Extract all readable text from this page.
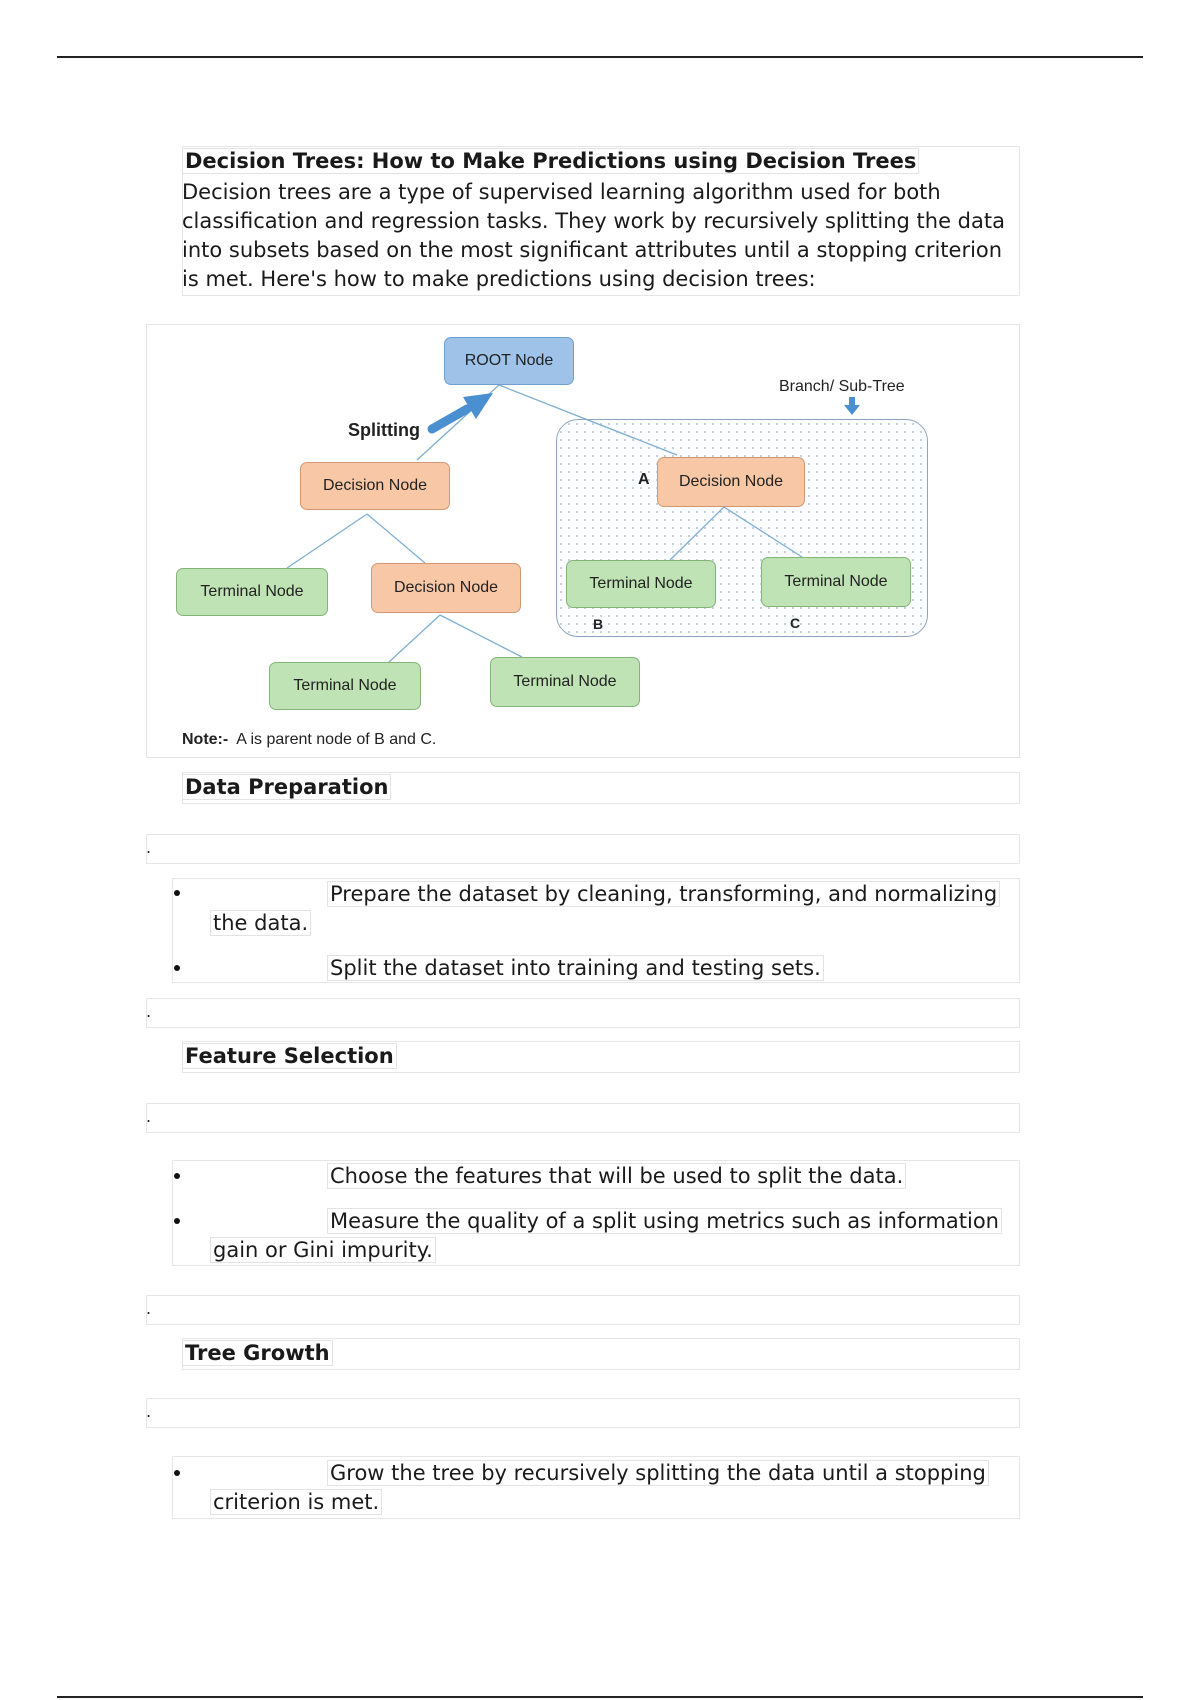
Decision Trees: How to Make Predictions using Decision Trees
Decision trees are a type of supervised learning algorithm used for both
classification and regression tasks. They work by recursively splitting the data
into subsets based on the most significant attributes until a stopping criterion
is met. Here's how to make predictions using decision trees:
ROOT Node
Splitting
Branch/ Sub-Tree
Decision Node	A	Decision Node
Terminal Node	Decision Node	Terminal Node	Terminal Node
B	C
Terminal Node	Terminal Node
Note:- A is parent node of B and C.
Data Preparation
.
Prepare the dataset by cleaning, transforming, and normalizing
the data.
Split the dataset into training and testing sets.
.
Feature Selection
.
Choose the features that will be used to split the data.
Measure the quality of a split using metrics such as information
gain or Gini impurity.
.
Tree Growth
.
Grow the tree by recursively splitting the data until a stopping
criterion is met.
